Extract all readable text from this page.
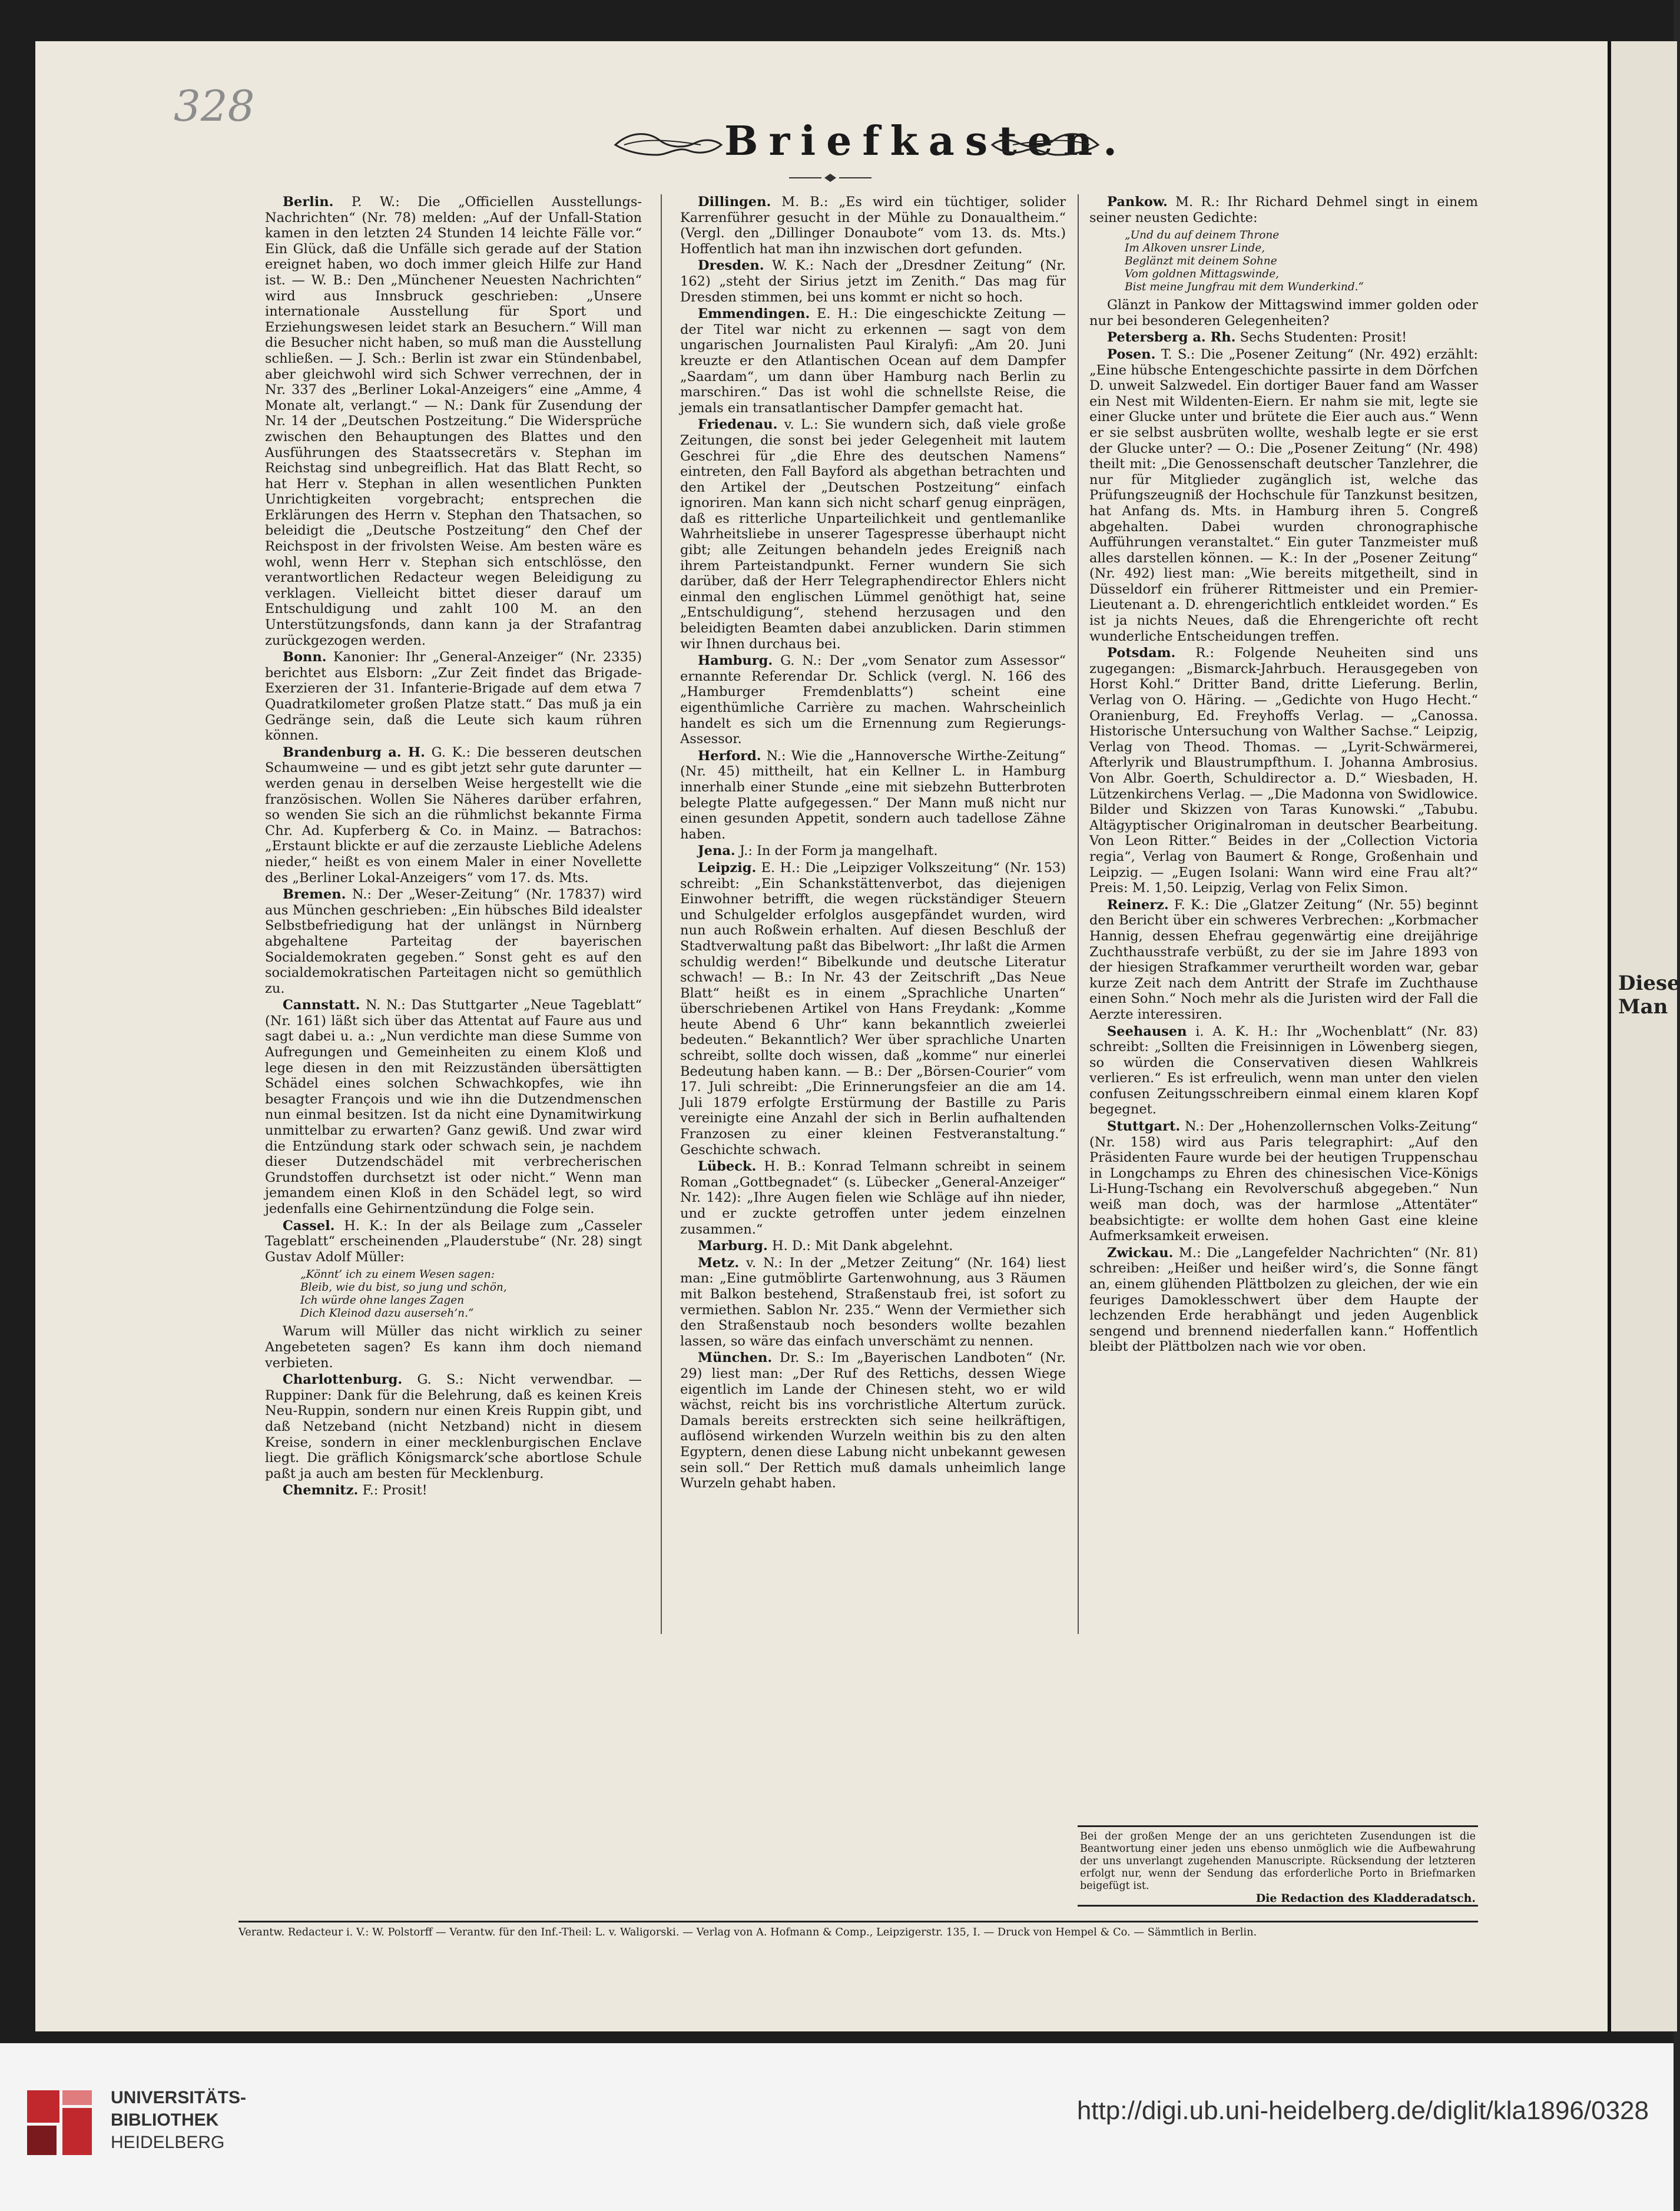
Diese
Man
328
Briefkasten.

Berlin. P. W.: Die „Officiellen Ausstellungs-Nachrichten“ (Nr. 78) melden: „Auf der Unfall-Station kamen in den letzten 24 Stunden 14 leichte Fälle vor.“ Ein Glück, daß die Unfälle sich gerade auf der Station ereignet haben, wo doch immer gleich Hilfe zur Hand ist. — W. B.: Den „Münchener Neuesten Nachrichten“ wird aus Innsbruck geschrieben: „Unsere internationale Ausstellung für Sport und Erziehungswesen leidet stark an Besuchern.“ Will man die Besucher nicht haben, so muß man die Ausstellung schließen. — J. Sch.: Berlin ist zwar ein Stündenbabel, aber gleichwohl wird sich Schwer verrechnen, der in Nr. 337 des „Berliner Lokal-Anzeigers“ eine „Amme, 4 Monate alt, verlangt.“ — N.: Dank für Zusendung der Nr. 14 der „Deutschen Postzeitung.“ Die Widersprüche zwischen den Behauptungen des Blattes und den Ausführungen des Staatssecretärs v. Stephan im Reichstag sind unbegreiflich. Hat das Blatt Recht, so hat Herr v. Stephan in allen wesentlichen Punkten Unrichtigkeiten vorgebracht; entsprechen die Erklärungen des Herrn v. Stephan den Thatsachen, so beleidigt die „Deutsche Postzeitung“ den Chef der Reichspost in der frivolsten Weise. Am besten wäre es wohl, wenn Herr v. Stephan sich entschlösse, den verantwortlichen Redacteur wegen Beleidigung zu verklagen. Vielleicht bittet dieser darauf um Entschuldigung und zahlt 100 M. an den Unterstützungsfonds, dann kann ja der Strafantrag zurückgezogen werden.

Bonn. Kanonier: Ihr „General-Anzeiger“ (Nr. 2335) berichtet aus Elsborn: „Zur Zeit findet das Brigade-Exerzieren der 31. Infanterie-Brigade auf dem etwa 7 Quadratkilometer großen Platze statt.“ Das muß ja ein Gedränge sein, daß die Leute sich kaum rühren können.

Brandenburg a. H. G. K.: Die besseren deutschen Schaumweine — und es gibt jetzt sehr gute darunter — werden genau in derselben Weise hergestellt wie die französischen. Wollen Sie Näheres darüber erfahren, so wenden Sie sich an die rühmlichst bekannte Firma Chr. Ad. Kupferberg & Co. in Mainz. — Batrachos: „Erstaunt blickte er auf die zerzauste Liebliche Adelens nieder,“ heißt es von einem Maler in einer Novellette des „Berliner Lokal-Anzeigers“ vom 17. ds. Mts.

Bremen. N.: Der „Weser-Zeitung“ (Nr. 17837) wird aus München geschrieben: „Ein hübsches Bild idealster Selbstbefriedigung hat der unlängst in Nürnberg abgehaltene Parteitag der bayerischen Socialdemokraten gegeben.“ Sonst geht es auf den socialdemokratischen Parteitagen nicht so gemüthlich zu.

Cannstatt. N. N.: Das Stuttgarter „Neue Tageblatt“ (Nr. 161) läßt sich über das Attentat auf Faure aus und sagt dabei u. a.: „Nun verdichte man diese Summe von Aufregungen und Gemeinheiten zu einem Kloß und lege diesen in den mit Reizzuständen übersättigten Schädel eines solchen Schwachkopfes, wie ihn besagter François und wie ihn die Dutzendmenschen nun einmal besitzen. Ist da nicht eine Dynamitwirkung unmittelbar zu erwarten? Ganz gewiß. Und zwar wird die Entzündung stark oder schwach sein, je nachdem dieser Dutzendschädel mit verbrecherischen Grundstoffen durchsetzt ist oder nicht.“ Wenn man jemandem einen Kloß in den Schädel legt, so wird jedenfalls eine Gehirnentzündung die Folge sein.

Cassel. H. K.: In der als Beilage zum „Casseler Tageblatt“ erscheinenden „Plauderstube“ (Nr. 28) singt Gustav Adolf Müller:

„Könnt’ ich zu einem Wesen sagen:
Bleib, wie du bist, so jung und schön,
Ich würde ohne langes Zagen
Dich Kleinod dazu auserseh’n.“

Warum will Müller das nicht wirklich zu seiner Angebeteten sagen? Es kann ihm doch niemand verbieten.

Charlottenburg. G. S.: Nicht verwendbar. — Ruppiner: Dank für die Belehrung, daß es keinen Kreis Neu-Ruppin, sondern nur einen Kreis Ruppin gibt, und daß Netzeband (nicht Netzband) nicht in diesem Kreise, sondern in einer mecklenburgischen Enclave liegt. Die gräflich Königsmarck’sche abortlose Schule paßt ja auch am besten für Mecklenburg.

Chemnitz. F.: Prosit!

Dillingen. M. B.: „Es wird ein tüchtiger, solider Karrenführer gesucht in der Mühle zu Donaualtheim.“ (Vergl. den „Dillinger Donaubote“ vom 13. ds. Mts.) Hoffentlich hat man ihn inzwischen dort gefunden.

Dresden. W. K.: Nach der „Dresdner Zeitung“ (Nr. 162) „steht der Sirius jetzt im Zenith.“ Das mag für Dresden stimmen, bei uns kommt er nicht so hoch.

Emmendingen. E. H.: Die eingeschickte Zeitung — der Titel war nicht zu erkennen — sagt von dem ungarischen Journalisten Paul Kiralyfi: „Am 20. Juni kreuzte er den Atlantischen Ocean auf dem Dampfer „Saardam“, um dann über Hamburg nach Berlin zu marschiren.“ Das ist wohl die schnellste Reise, die jemals ein transatlantischer Dampfer gemacht hat.

Friedenau. v. L.: Sie wundern sich, daß viele große Zeitungen, die sonst bei jeder Gelegenheit mit lautem Geschrei für „die Ehre des deutschen Namens“ eintreten, den Fall Bayford als abgethan betrachten und den Artikel der „Deutschen Postzeitung“ einfach ignoriren. Man kann sich nicht scharf genug einprägen, daß es ritterliche Unparteilichkeit und gentlemanlike Wahrheitsliebe in unserer Tagespresse überhaupt nicht gibt; alle Zeitungen behandeln jedes Ereigniß nach ihrem Parteistandpunkt. Ferner wundern Sie sich darüber, daß der Herr Telegraphendirector Ehlers nicht einmal den englischen Lümmel genöthigt hat, seine „Entschuldigung“, stehend herzusagen und den beleidigten Beamten dabei anzublicken. Darin stimmen wir Ihnen durchaus bei.

Hamburg. G. N.: Der „vom Senator zum Assessor“ ernannte Referendar Dr. Schlick (vergl. N. 166 des „Hamburger Fremdenblatts“) scheint eine eigenthümliche Carrière zu machen. Wahrscheinlich handelt es sich um die Ernennung zum Regierungs-Assessor.

Herford. N.: Wie die „Hannoversche Wirthe-Zeitung“ (Nr. 45) mittheilt, hat ein Kellner L. in Hamburg innerhalb einer Stunde „eine mit siebzehn Butterbroten belegte Platte aufgegessen.“ Der Mann muß nicht nur einen gesunden Appetit, sondern auch tadellose Zähne haben.

Jena. J.: In der Form ja mangelhaft.

Leipzig. E. H.: Die „Leipziger Volkszeitung“ (Nr. 153) schreibt: „Ein Schankstättenverbot, das diejenigen Einwohner betrifft, die wegen rückständiger Steuern und Schulgelder erfolglos ausgepfändet wurden, wird nun auch Roßwein erhalten. Auf diesen Beschluß der Stadtverwaltung paßt das Bibelwort: „Ihr laßt die Armen schuldig werden!“ Bibelkunde und deutsche Literatur schwach! — B.: In Nr. 43 der Zeitschrift „Das Neue Blatt“ heißt es in einem „Sprachliche Unarten“ überschriebenen Artikel von Hans Freydank: „Komme heute Abend 6 Uhr“ kann bekanntlich zweierlei bedeuten.“ Bekanntlich? Wer über sprachliche Unarten schreibt, sollte doch wissen, daß „komme“ nur einerlei Bedeutung haben kann. — B.: Der „Börsen-Courier“ vom 17. Juli schreibt: „Die Erinnerungsfeier an die am 14. Juli 1879 erfolgte Erstürmung der Bastille zu Paris vereinigte eine Anzahl der sich in Berlin aufhaltenden Franzosen zu einer kleinen Festveranstaltung.“ Geschichte schwach.

Lübeck. H. B.: Konrad Telmann schreibt in seinem Roman „Gottbegnadet“ (s. Lübecker „General-Anzeiger“ Nr. 142): „Ihre Augen fielen wie Schläge auf ihn nieder, und er zuckte getroffen unter jedem einzelnen zusammen.“

Marburg. H. D.: Mit Dank abgelehnt.

Metz. v. N.: In der „Metzer Zeitung“ (Nr. 164) liest man: „Eine gutmöblirte Gartenwohnung, aus 3 Räumen mit Balkon bestehend, Straßenstaub frei, ist sofort zu vermiethen. Sablon Nr. 235.“ Wenn der Vermiether sich den Straßenstaub noch besonders wollte bezahlen lassen, so wäre das einfach unverschämt zu nennen.

München. Dr. S.: Im „Bayerischen Landboten“ (Nr. 29) liest man: „Der Ruf des Rettichs, dessen Wiege eigentlich im Lande der Chinesen steht, wo er wild wächst, reicht bis ins vorchristliche Altertum zurück. Damals bereits erstreckten sich seine heilkräftigen, auflösend wirkenden Wurzeln weithin bis zu den alten Egyptern, denen diese Labung nicht unbekannt gewesen sein soll.“ Der Rettich muß damals unheimlich lange Wurzeln gehabt haben.

Pankow. M. R.: Ihr Richard Dehmel singt in einem seiner neusten Gedichte:

„Und du auf deinem Throne
Im Alkoven unsrer Linde,
Beglänzt mit deinem Sohne
Vom goldnen Mittagswinde,
Bist meine Jungfrau mit dem Wunderkind.“

Glänzt in Pankow der Mittagswind immer golden oder nur bei besonderen Gelegenheiten?

Petersberg a. Rh. Sechs Studenten: Prosit!

Posen. T. S.: Die „Posener Zeitung“ (Nr. 492) erzählt: „Eine hübsche Entengeschichte passirte in dem Dörfchen D. unweit Salzwedel. Ein dortiger Bauer fand am Wasser ein Nest mit Wildenten-Eiern. Er nahm sie mit, legte sie einer Glucke unter und brütete die Eier auch aus.“ Wenn er sie selbst ausbrüten wollte, weshalb legte er sie erst der Glucke unter? — O.: Die „Posener Zeitung“ (Nr. 498) theilt mit: „Die Genossenschaft deutscher Tanzlehrer, die nur für Mitglieder zugänglich ist, welche das Prüfungszeugniß der Hochschule für Tanzkunst besitzen, hat Anfang ds. Mts. in Hamburg ihren 5. Congreß abgehalten. Dabei wurden chronographische Aufführungen veranstaltet.“ Ein guter Tanzmeister muß alles darstellen können. — K.: In der „Posener Zeitung“ (Nr. 492) liest man: „Wie bereits mitgetheilt, sind in Düsseldorf ein früherer Rittmeister und ein Premier-Lieutenant a. D. ehrengerichtlich entkleidet worden.“ Es ist ja nichts Neues, daß die Ehrengerichte oft recht wunderliche Entscheidungen treffen.

Potsdam. R.: Folgende Neuheiten sind uns zugegangen: „Bismarck-Jahrbuch. Herausgegeben von Horst Kohl.“ Dritter Band, dritte Lieferung. Berlin, Verlag von O. Häring. — „Gedichte von Hugo Hecht.“ Oranienburg, Ed. Freyhoffs Verlag. — „Canossa. Historische Untersuchung von Walther Sachse.“ Leipzig, Verlag von Theod. Thomas. — „Lyrit-Schwärmerei, Afterlyrik und Blaustrumpfthum. I. Johanna Ambrosius. Von Albr. Goerth, Schuldirector a. D.“ Wiesbaden, H. Lützenkirchens Verlag. — „Die Madonna von Swidlowice. Bilder und Skizzen von Taras Kunowski.“ „Tabubu. Altägyptischer Originalroman in deutscher Bearbeitung. Von Leon Ritter.“ Beides in der „Collection Victoria regia“, Verlag von Baumert & Ronge, Großenhain und Leipzig. — „Eugen Isolani: Wann wird eine Frau alt?“ Preis: M. 1,50. Leipzig, Verlag von Felix Simon.

Reinerz. F. K.: Die „Glatzer Zeitung“ (Nr. 55) beginnt den Bericht über ein schweres Verbrechen: „Korbmacher Hannig, dessen Ehefrau gegenwärtig eine dreijährige Zuchthausstrafe verbüßt, zu der sie im Jahre 1893 von der hiesigen Strafkammer verurtheilt worden war, gebar kurze Zeit nach dem Antritt der Strafe im Zuchthause einen Sohn.“ Noch mehr als die Juristen wird der Fall die Aerzte interessiren.

Seehausen i. A. K. H.: Ihr „Wochenblatt“ (Nr. 83) schreibt: „Sollten die Freisinnigen in Löwenberg siegen, so würden die Conservativen diesen Wahlkreis verlieren.“ Es ist erfreulich, wenn man unter den vielen confusen Zeitungsschreibern einmal einem klaren Kopf begegnet.

Stuttgart. N.: Der „Hohenzollernschen Volks-Zeitung“ (Nr. 158) wird aus Paris telegraphirt: „Auf den Präsidenten Faure wurde bei der heutigen Truppenschau in Longchamps zu Ehren des chinesischen Vice-Königs Li-Hung-Tschang ein Revolverschuß abgegeben.“ Nun weiß man doch, was der harmlose „Attentäter“ beabsichtigte: er wollte dem hohen Gast eine kleine Aufmerksamkeit erweisen.

Zwickau. M.: Die „Langefelder Nachrichten“ (Nr. 81) schreiben: „Heißer und heißer wird’s, die Sonne fängt an, einem glühenden Plättbolzen zu gleichen, der wie ein feuriges Damoklesschwert über dem Haupte der lechzenden Erde herabhängt und jeden Augenblick sengend und brennend niederfallen kann.“ Hoffentlich bleibt der Plättbolzen nach wie vor oben.

Bei der großen Menge der an uns gerichteten Zusendungen ist die Beantwortung einer jeden uns ebenso unmöglich wie die Aufbewahrung der uns unverlangt zugehenden Manuscripte. Rücksendung der letzteren erfolgt nur, wenn der Sendung das erforderliche Porto in Briefmarken beigefügt ist.
Die Redaction des Kladderadatsch.
Verantw. Redacteur i. V.: W. Polstorff — Verantw. für den Inf.-Theil: L. v. Waligorski. — Verlag von A. Hofmann & Comp., Leipzigerstr. 135, I. — Druck von Hempel & Co. — Sämmtlich in Berlin.
UNIVERSITÄTS-
BIBLIOTHEK
HEIDELBERG
http://digi.ub.uni-heidelberg.de/diglit/kla1896/0328
